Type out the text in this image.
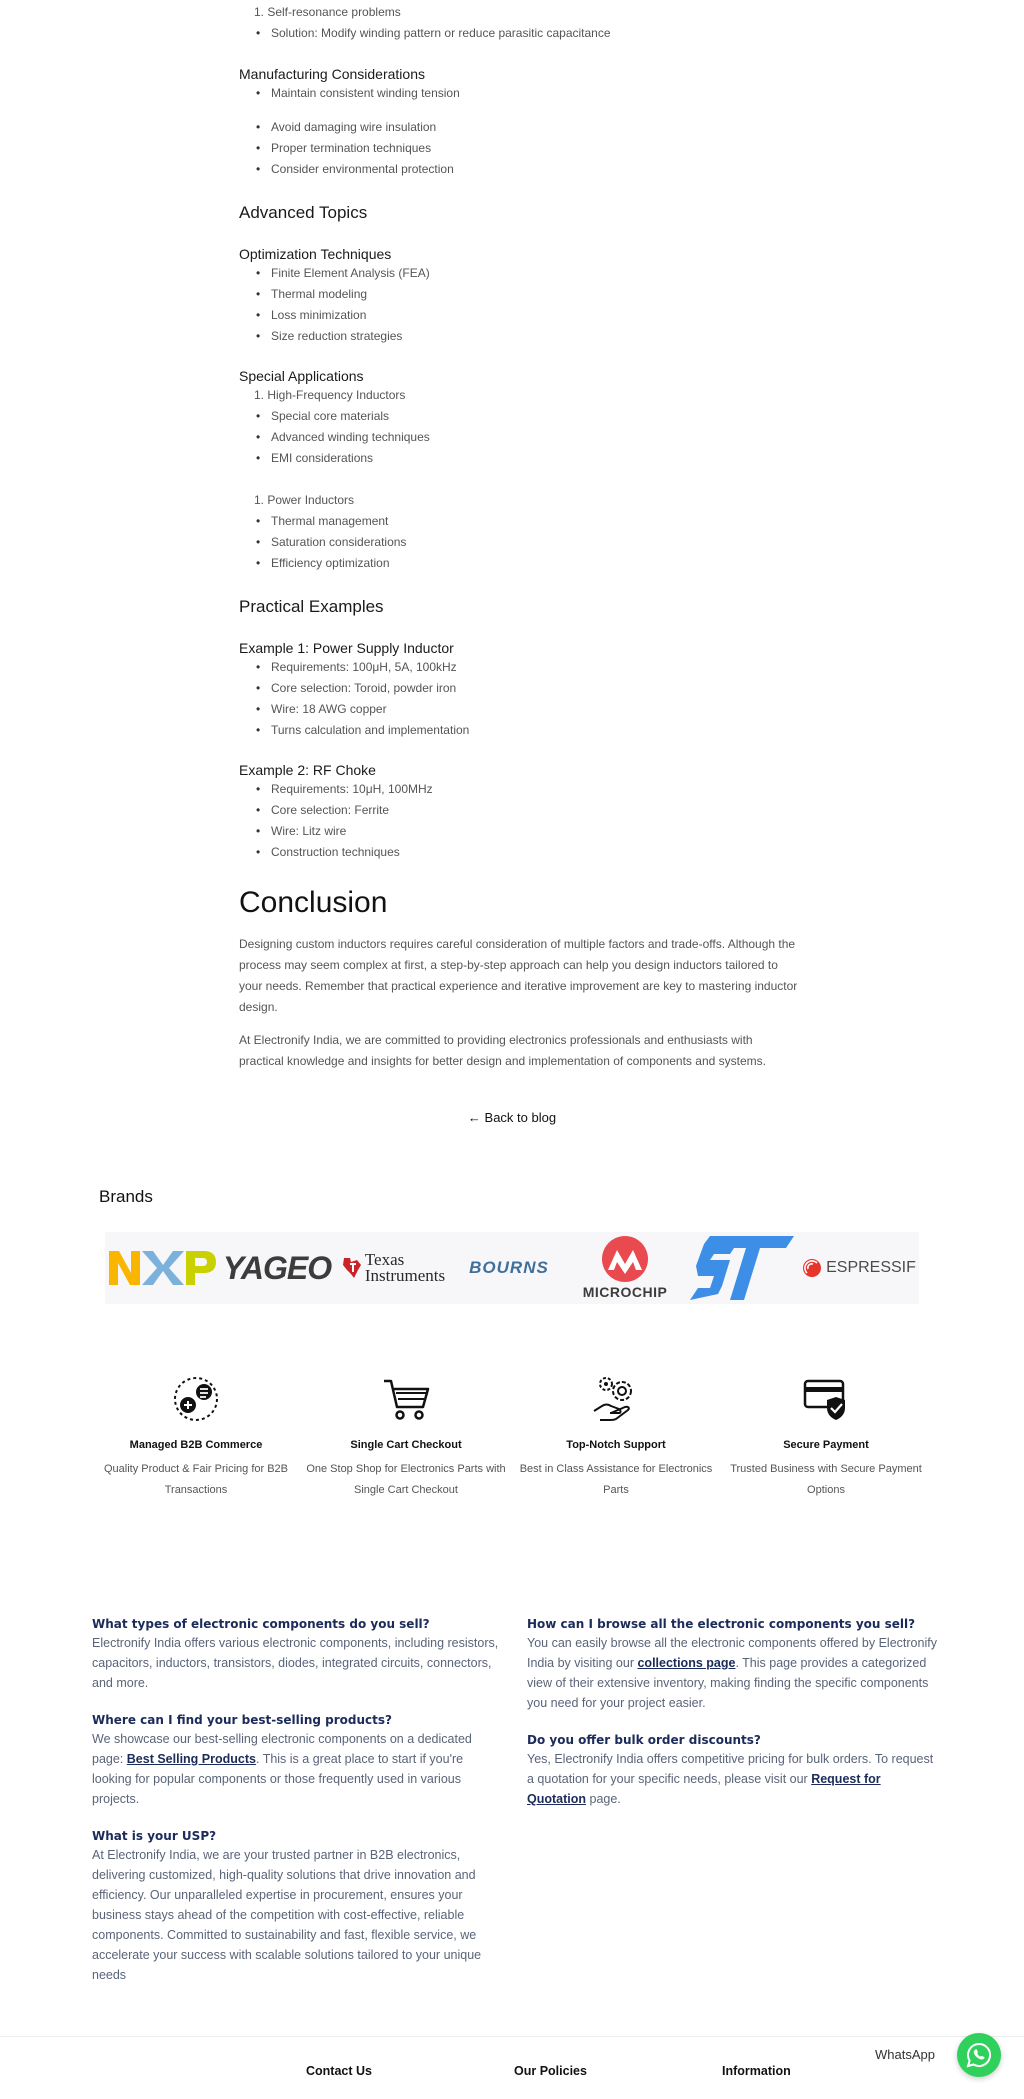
1. Self-resonance problems
• Solution: Modify winding pattern or reduce parasitic capacitance
Manufacturing Considerations
• Maintain consistent winding tension
• Avoid damaging wire insulation
• Proper termination techniques
• Consider environmental protection
Advanced Topics
Optimization Techniques
• Finite Element Analysis (FEA)
• Thermal modeling
• Loss minimization
• Size reduction strategies
Special Applications
1. High-Frequency Inductors
• Special core materials
• Advanced winding techniques
• EMI considerations
1. Power Inductors
• Thermal management
• Saturation considerations
• Efficiency optimization
Practical Examples
Example 1: Power Supply Inductor
• Requirements: 100μH, 5A, 100kHz
• Core selection: Toroid, powder iron
• Wire: 18 AWG copper
• Turns calculation and implementation
Example 2: RF Choke
• Requirements: 10μH, 100MHz
• Core selection: Ferrite
• Wire: Litz wire
• Construction techniques
Conclusion

Designing custom inductors requires careful consideration of multiple factors and trade-offs. Although the process may seem complex at first, a step-by-step approach can help you design inductors tailored to your needs. Remember that practical experience and iterative improvement are key to mastering inductor design.

At Electronify India, we are committed to providing electronics professionals and enthusiasts with practical knowledge and insights for better design and implementation of components and systems.

← Back to blog
Brands
YAGEO Texas
Instruments BOURNS
MICROCHIP
ESPRESSIF
Managed B2B Commerce
Quality Product & Fair Pricing for B2B Transactions
Single Cart Checkout
One Stop Shop for Electronics Parts with Single Cart Checkout
Top-Notch Support
Best in Class Assistance for Electronics Parts
Secure Payment
Trusted Business with Secure Payment Options
What types of electronic components do you sell?
Electronify India offers various electronic components, including resistors, capacitors, inductors, transistors, diodes, integrated circuits, connectors, and more.
Where can I find your best-selling products?
We showcase our best-selling electronic components on a dedicated page: Best Selling Products. This is a great place to start if you're looking for popular components or those frequently used in various projects.
What is your USP?
At Electronify India, we are your trusted partner in B2B electronics, delivering customized, high-quality solutions that drive innovation and efficiency. Our unparalleled expertise in procurement, ensures your business stays ahead of the competition with cost-effective, reliable components. Committed to sustainability and fast, flexible service, we accelerate your success with scalable solutions tailored to your unique needs
How can I browse all the electronic components you sell?
You can easily browse all the electronic components offered by Electronify India by visiting our collections page. This page provides a categorized view of their extensive inventory, making finding the specific components you need for your project easier.
Do you offer bulk order discounts?
Yes, Electronify India offers competitive pricing for bulk orders. To request a quotation for your specific needs, please visit our Request for Quotation page.
Contact Us	Our Policies	Information
WhatsApp
